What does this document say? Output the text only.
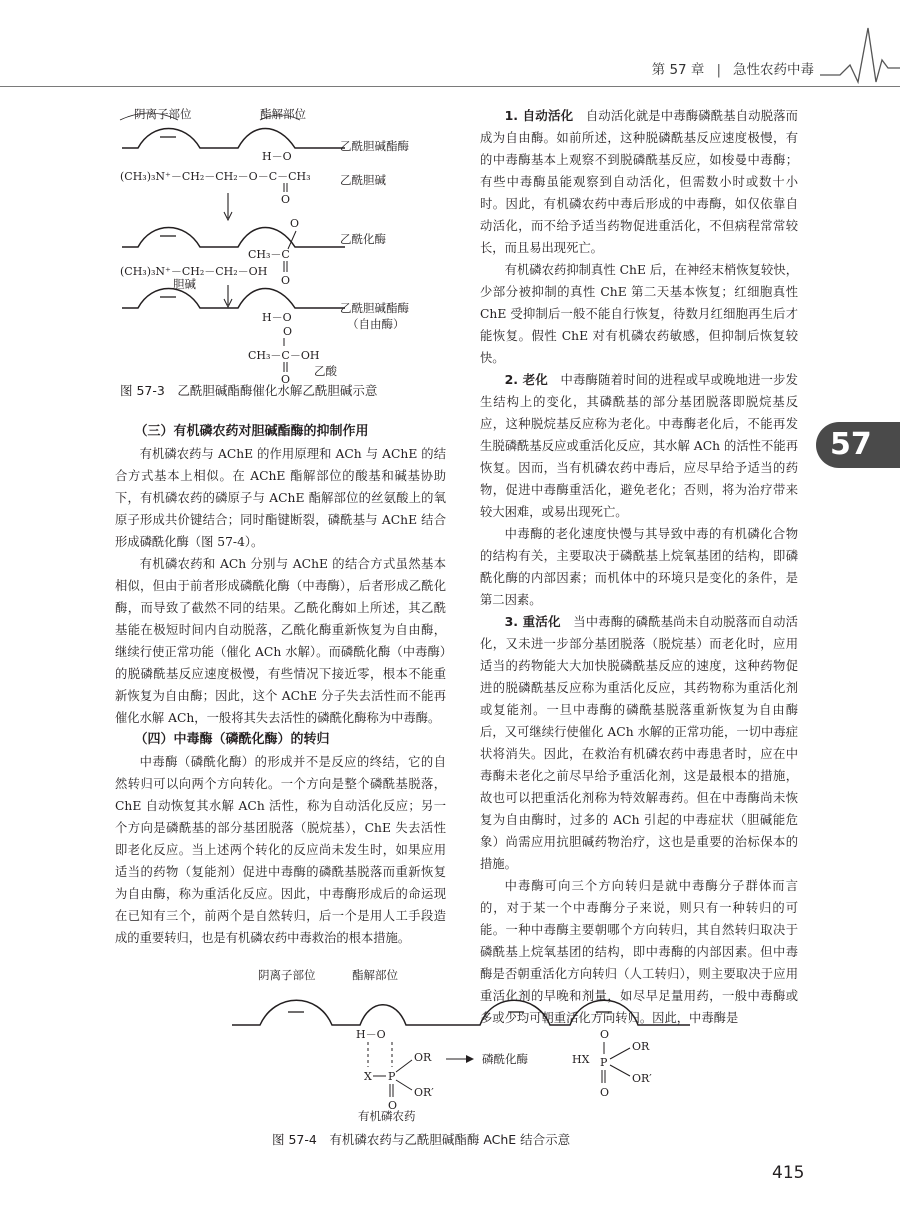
第 57 章 | 急性农药中毒
57
阴离子部位	酯解部位
H－O
乙酰胆碱酯酶
(CH₃)₃N⁺－CH₂－CH₂－O－C－CH₃
O
乙酰胆碱
O
CH₃－C
乙酰化酶
(CH₃)₃N⁺－CH₂－CH₂－OH
O
胆碱
H－O
乙酰胆碱酯酶
（自由酶）
O
CH₃－C－OH
O
乙酸
图 57-3　乙酰胆碱酯酶催化水解乙酰胆碱示意

（三）有机磷农药对胆碱酯酶的抑制作用

有机磷农药与 AChE 的作用原理和 ACh 与 AChE 的结合方式基本上相似。在 AChE 酯解部位的酸基和碱基协助下，有机磷农药的磷原子与 AChE 酯解部位的丝氨酸上的氧原子形成共价键结合；同时酯键断裂，磷酰基与 AChE 结合形成磷酰化酶（图 57-4）。

有机磷农药和 ACh 分别与 AChE 的结合方式虽然基本相似，但由于前者形成磷酰化酶（中毒酶），后者形成乙酰化酶，而导致了截然不同的结果。乙酰化酶如上所述，其乙酰基能在极短时间内自动脱落，乙酰化酶重新恢复为自由酶，继续行使正常功能（催化 ACh 水解）。而磷酰化酶（中毒酶）的脱磷酰基反应速度极慢，有些情况下接近零，根本不能重新恢复为自由酶；因此，这个 AChE 分子失去活性而不能再催化水解 ACh，一般将其失去活性的磷酰化酶称为中毒酶。

（四）中毒酶（磷酰化酶）的转归

中毒酶（磷酰化酶）的形成并不是反应的终结，它的自然转归可以向两个方向转化。一个方向是整个磷酰基脱落，ChE 自动恢复其水解 ACh 活性，称为自动活化反应；另一个方向是磷酰基的部分基团脱落（脱烷基），ChE 失去活性即老化反应。当上述两个转化的反应尚未发生时，如果应用适当的药物（复能剂）促进中毒酶的磷酰基脱落而重新恢复为自由酶，称为重活化反应。因此，中毒酶形成后的命运现在已知有三个，前两个是自然转归，后一个是用人工手段造成的重要转归，也是有机磷农药中毒救治的根本措施。

1. 自动活化　 自动活化就是中毒酶磷酰基自动脱落而成为自由酶。如前所述，这种脱磷酰基反应速度极慢，有的中毒酶基本上观察不到脱磷酰基反应，如梭曼中毒酶；有些中毒酶虽能观察到自动活化，但需数小时或数十小时。因此，有机磷农药中毒后形成的中毒酶，如仅依靠自动活化，而不给予适当药物促进重活化，不但病程常常较长，而且易出现死亡。

有机磷农药抑制真性 ChE 后，在神经末梢恢复较快，少部分被抑制的真性 ChE 第二天基本恢复；红细胞真性 ChE 受抑制后一般不能自行恢复，待数月红细胞再生后才能恢复。假性 ChE 对有机磷农药敏感，但抑制后恢复较快。

2. 老化　 中毒酶随着时间的进程或早或晚地进一步发生结构上的变化，其磷酰基的部分基团脱落即脱烷基反应，这种脱烷基反应称为老化。中毒酶老化后，不能再发生脱磷酰基反应或重活化反应，其水解 ACh 的活性不能再恢复。因而，当有机磷农药中毒后，应尽早给予适当的药物，促进中毒酶重活化，避免老化；否则，将为治疗带来较大困难，或易出现死亡。

中毒酶的老化速度快慢与其导致中毒的有机磷化合物的结构有关，主要取决于磷酰基上烷氧基团的结构，即磷酰化酶的内部因素；而机体中的环境只是变化的条件，是第二因素。

3. 重活化　 当中毒酶的磷酰基尚未自动脱落而自动活化，又未进一步部分基团脱落（脱烷基）而老化时，应用适当的药物能大大加快脱磷酰基反应的速度，这种药物促进的脱磷酰基反应称为重活化反应，其药物称为重活化剂或复能剂。一旦中毒酶的磷酰基脱落重新恢复为自由酶后，又可继续行使催化 ACh 水解的正常功能，一切中毒症状将消失。因此，在救治有机磷农药中毒患者时，应在中毒酶未老化之前尽早给予重活化剂，这是最根本的措施，故也可以把重活化剂称为特效解毒药。但在中毒酶尚未恢复为自由酶时，过多的 ACh 引起的中毒症状（胆碱能危象）尚需应用抗胆碱药物治疗，这也是重要的治标保本的措施。

中毒酶可向三个方向转归是就中毒酶分子群体而言的，对于某一个中毒酶分子来说，则只有一种转归的可能。一种中毒酶主要朝哪个方向转归，其自然转归取决于磷酰基上烷氧基团的结构，即中毒酶的内部因素。但中毒酶是否朝重活化方向转归（人工转归），则主要取决于应用重活化剂的早晚和剂量，如尽早足量用药，一般中毒酶或多或少均可朝重活化方向转归。因此，中毒酶是

阴离子部位	酯解部位
H－O
X P
OR
OR′
O
磷酰化酶	HX
O
P
OR
OR′
O
有机磷农药
图 57-4　有机磷农药与乙酰胆碱酯酶 AChE 结合示意
415
